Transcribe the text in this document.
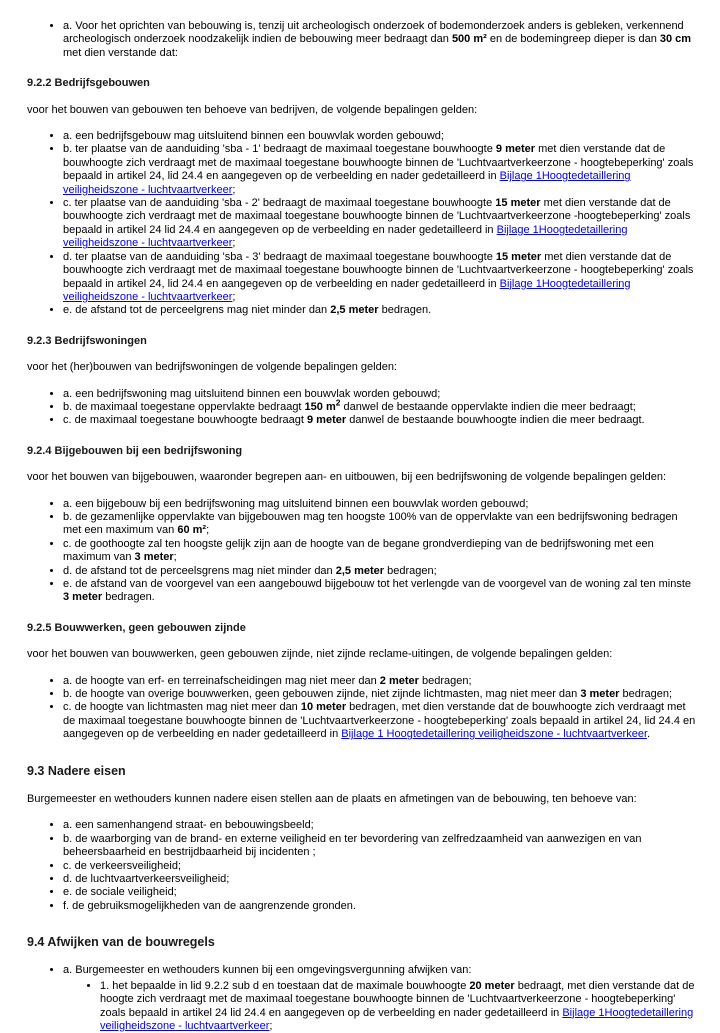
• a. Voor het oprichten van bebouwing is, tenzij uit archeologisch onderzoek of bodemonderzoek anders is gebleken, verkennend archeologisch onderzoek noodzakelijk indien de bebouwing meer bedraagt dan 500 m² en de bodemingreep dieper is dan 30 cm met dien verstande dat:
9.2.2 Bedrijfsgebouwen

voor het bouwen van gebouwen ten behoeve van bedrijven, de volgende bepalingen gelden:

• a. een bedrijfsgebouw mag uitsluitend binnen een bouwvlak worden gebouwd;
• b. ter plaatse van de aanduiding 'sba - 1' bedraagt de maximaal toegestane bouwhoogte 9 meter met dien verstande dat de bouwhoogte zich verdraagt met de maximaal toegestane bouwhoogte binnen de 'Luchtvaartverkeerzone - hoogtebeperking' zoals bepaald in artikel 24, lid 24.4 en aangegeven op de verbeelding en nader gedetailleerd in Bijlage 1Hoogtedetaillering veiligheidszone - luchtvaartverkeer;
• c. ter plaatse van de aanduiding 'sba - 2' bedraagt de maximaal toegestane bouwhoogte 15 meter met dien verstande dat de bouwhoogte zich verdraagt met de maximaal toegestane bouwhoogte binnen de 'Luchtvaartverkeerzone -hoogtebeperking' zoals bepaald in artikel 24 lid 24.4 en aangegeven op de verbeelding en nader gedetailleerd in Bijlage 1Hoogtedetaillering veiligheidszone - luchtvaartverkeer;
• d. ter plaatse van de aanduiding 'sba - 3' bedraagt de maximaal toegestane bouwhoogte 15 meter met dien verstande dat de bouwhoogte zich verdraagt met de maximaal toegestane bouwhoogte binnen de 'Luchtvaartverkeerzone - hoogtebeperking' zoals bepaald in artikel 24, lid 24.4 en aangegeven op de verbeelding en nader gedetailleerd in Bijlage 1Hoogtedetaillering veiligheidszone - luchtvaartverkeer;
• e. de afstand tot de perceelgrens mag niet minder dan 2,5 meter bedragen.
9.2.3 Bedrijfswoningen

voor het (her)bouwen van bedrijfswoningen de volgende bepalingen gelden:

• a. een bedrijfswoning mag uitsluitend binnen een bouwvlak worden gebouwd;
• b. de maximaal toegestane oppervlakte bedraagt 150 $m^2$ danwel de bestaande oppervlakte indien die meer bedraagt;
• c. de maximaal toegestane bouwhoogte bedraagt 9 meter danwel de bestaande bouwhoogte indien die meer bedraagt.
9.2.4 Bijgebouwen bij een bedrijfswoning

voor het bouwen van bijgebouwen, waaronder begrepen aan- en uitbouwen, bij een bedrijfswoning de volgende bepalingen gelden:

• a. een bijgebouw bij een bedrijfswoning mag uitsluitend binnen een bouwvlak worden gebouwd;
• b. de gezamenlijke oppervlakte van bijgebouwen mag ten hoogste 100% van de oppervlakte van een bedrijfswoning bedragen met een maximum van 60 m²;
• c. de goothoogte zal ten hoogste gelijk zijn aan de hoogte van de begane grondverdieping van de bedrijfswoning met een maximum van 3 meter;
• d. de afstand tot de perceelsgrens mag niet minder dan 2,5 meter bedragen;
• e. de afstand van de voorgevel van een aangebouwd bijgebouw tot het verlengde van de voorgevel van de woning zal ten minste 3 meter bedragen.
9.2.5 Bouwwerken, geen gebouwen zijnde

voor het bouwen van bouwwerken, geen gebouwen zijnde, niet zijnde reclame-uitingen, de volgende bepalingen gelden:

• a. de hoogte van erf- en terreinafscheidingen mag niet meer dan 2 meter bedragen;
• b. de hoogte van overige bouwwerken, geen gebouwen zijnde, niet zijnde lichtmasten, mag niet meer dan 3 meter bedragen;
• c. de hoogte van lichtmasten mag niet meer dan 10 meter bedragen, met dien verstande dat de bouwhoogte zich verdraagt met de maximaal toegestane bouwhoogte binnen de 'Luchtvaartverkeerzone - hoogtebeperking' zoals bepaald in artikel 24, lid 24.4 en aangegeven op de verbeelding en nader gedetailleerd in Bijlage 1 Hoogtedetaillering veiligheidszone - luchtvaartverkeer.
9.3 Nadere eisen

Burgemeester en wethouders kunnen nadere eisen stellen aan de plaats en afmetingen van de bebouwing, ten behoeve van:

• a. een samenhangend straat- en bebouwingsbeeld;
• b. de waarborging van de brand- en externe veiligheid en ter bevordering van zelfredzaamheid van aanwezigen en van beheersbaarheid en bestrijdbaarheid bij incidenten ;
• c. de verkeersveiligheid;
• d. de luchtvaartverkeersveiligheid;
• e. de sociale veiligheid;
• f. de gebruiksmogelijkheden van de aangrenzende gronden.
9.4 Afwijken van de bouwregels
• a. Burgemeester en wethouders kunnen bij een omgevingsvergunning afwijken van:
• 1. het bepaalde in lid 9.2.2 sub d en toestaan dat de maximale bouwhoogte 20 meter bedraagt, met dien verstande dat de hoogte zich verdraagt met de maximaal toegestane bouwhoogte binnen de 'Luchtvaartverkeerzone - hoogtebeperking' zoals bepaald in artikel 24 lid 24.4 en aangegeven op de verbeelding en nader gedetailleerd in Bijlage 1Hoogtedetaillering veiligheidszone - luchtvaartverkeer;
